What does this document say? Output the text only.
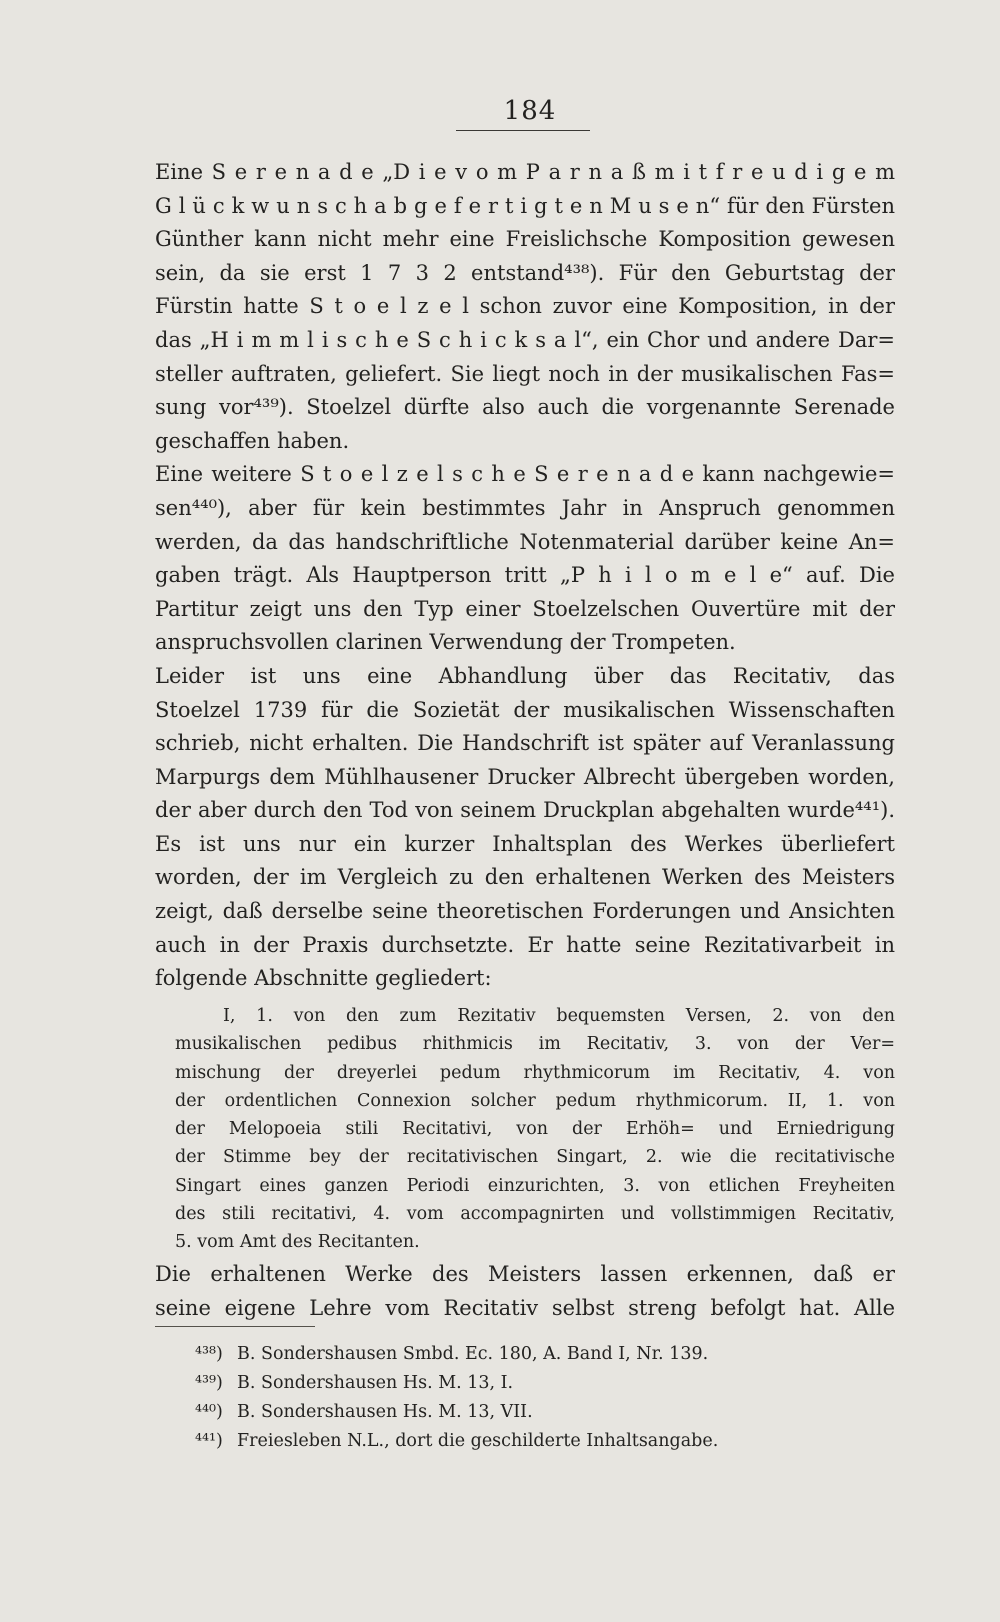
184
Eine S e r e n a d e „D i e v o m P a r n a ß m i t f r e u d i g e m
G l ü c k w u n s c h a b g e f e r t i g t e n M u s e n“ für den Fürsten
Günther kann nicht mehr eine Freislichsche Komposition gewesen
sein, da sie erst 1 7 3 2 entstand⁴³⁸). Für den Geburtstag der
Fürstin hatte S t o e l z e l schon zuvor eine Komposition, in der
das „H i m m l i s c h e S c h i c k s a l“, ein Chor und andere Dar=
steller auftraten, geliefert. Sie liegt noch in der musikalischen Fas=
sung vor⁴³⁹). Stoelzel dürfte also auch die vorgenannte Serenade
geschaffen haben.
Eine weitere S t o e l z e l s c h e S e r e n a d e kann nachgewie=
sen⁴⁴⁰), aber für kein bestimmtes Jahr in Anspruch genommen
werden, da das handschriftliche Notenmaterial darüber keine An=
gaben trägt. Als Hauptperson tritt „P h i l o m e l e“ auf. Die
Partitur zeigt uns den Typ einer Stoelzelschen Ouvertüre mit der
anspruchsvollen clarinen Verwendung der Trompeten.
Leider ist uns eine Abhandlung über das Recitativ, das
Stoelzel 1739 für die Sozietät der musikalischen Wissenschaften
schrieb, nicht erhalten. Die Handschrift ist später auf Veranlassung
Marpurgs dem Mühlhausener Drucker Albrecht übergeben worden,
der aber durch den Tod von seinem Druckplan abgehalten wurde⁴⁴¹).
Es ist uns nur ein kurzer Inhaltsplan des Werkes überliefert
worden, der im Vergleich zu den erhaltenen Werken des Meisters
zeigt, daß derselbe seine theoretischen Forderungen und Ansichten
auch in der Praxis durchsetzte. Er hatte seine Rezitativarbeit in
folgende Abschnitte gegliedert:
I, 1. von den zum Rezitativ bequemsten Versen, 2. von den
musikalischen pedibus rhithmicis im Recitativ, 3. von der Ver=
mischung der dreyerlei pedum rhythmicorum im Recitativ, 4. von
der ordentlichen Connexion solcher pedum rhythmicorum. II, 1. von
der Melopoeia stili Recitativi, von der Erhöh= und Erniedrigung
der Stimme bey der recitativischen Singart, 2. wie die recitativische
Singart eines ganzen Periodi einzurichten, 3. von etlichen Freyheiten
des stili recitativi, 4. vom accompagnirten und vollstimmigen Recitativ,
5. vom Amt des Recitanten.
Die erhaltenen Werke des Meisters lassen erkennen, daß er
seine eigene Lehre vom Recitativ selbst streng befolgt hat. Alle
⁴³⁸) B. Sondershausen Smbd. Ec. 180, A. Band I, Nr. 139.
⁴³⁹) B. Sondershausen Hs. M. 13, I.
⁴⁴⁰) B. Sondershausen Hs. M. 13, VII.
⁴⁴¹) Freiesleben N.L., dort die geschilderte Inhaltsangabe.
